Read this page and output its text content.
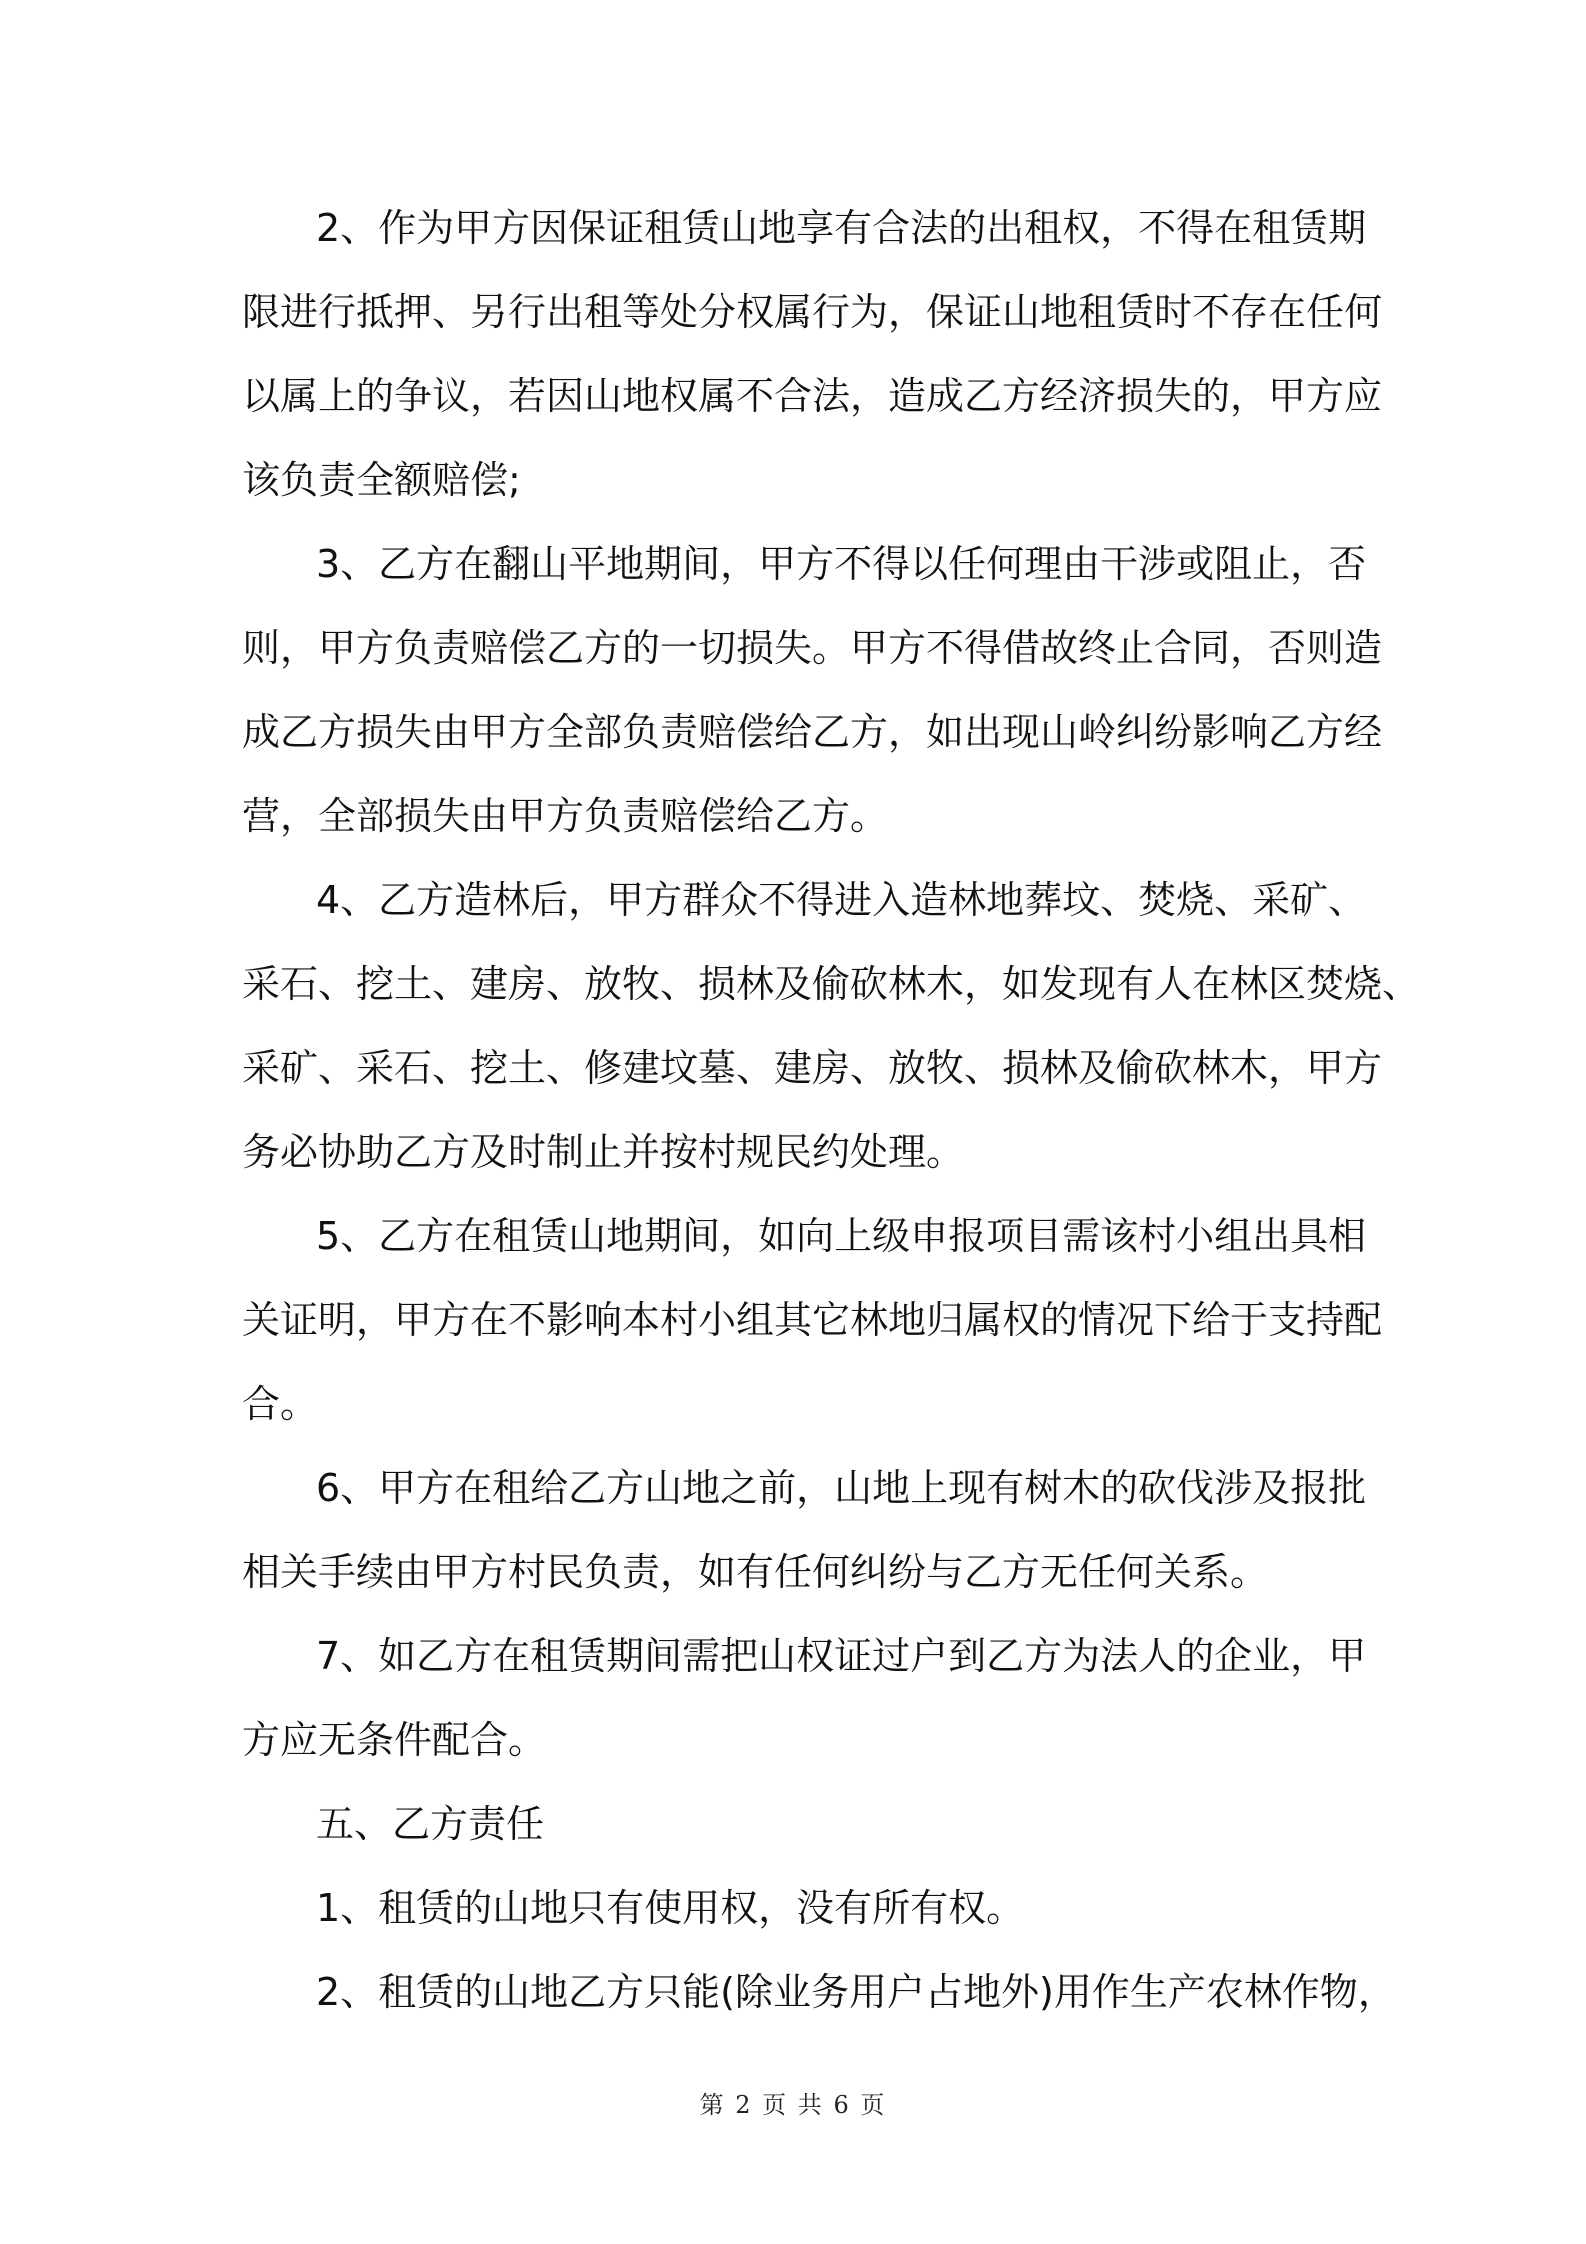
2、作为甲方因保证租赁山地享有合法的出租权，不得在租赁期
限进行抵押、另行出租等处分权属行为，保证山地租赁时不存在任何
以属上的争议，若因山地权属不合法，造成乙方经济损失的，甲方应
该负责全额赔偿;
3、乙方在翻山平地期间，甲方不得以任何理由干涉或阻止，否
则，甲方负责赔偿乙方的一切损失。甲方不得借故终止合同，否则造
成乙方损失由甲方全部负责赔偿给乙方，如出现山岭纠纷影响乙方经
营，全部损失由甲方负责赔偿给乙方。
4、乙方造林后，甲方群众不得进入造林地葬坟、焚烧、采矿、
采石、挖土、建房、放牧、损林及偷砍林木，如发现有人在林区焚烧、
采矿、采石、挖土、修建坟墓、建房、放牧、损林及偷砍林木，甲方
务必协助乙方及时制止并按村规民约处理。
5、乙方在租赁山地期间，如向上级申报项目需该村小组出具相
关证明，甲方在不影响本村小组其它林地归属权的情况下给于支持配
合。
6、甲方在租给乙方山地之前，山地上现有树木的砍伐涉及报批
相关手续由甲方村民负责，如有任何纠纷与乙方无任何关系。
7、如乙方在租赁期间需把山权证过户到乙方为法人的企业，甲
方应无条件配合。
五、乙方责任
1、租赁的山地只有使用权，没有所有权。
2、租赁的山地乙方只能(除业务用户占地外)用作生产农林作物，
第 2 页 共 6 页
